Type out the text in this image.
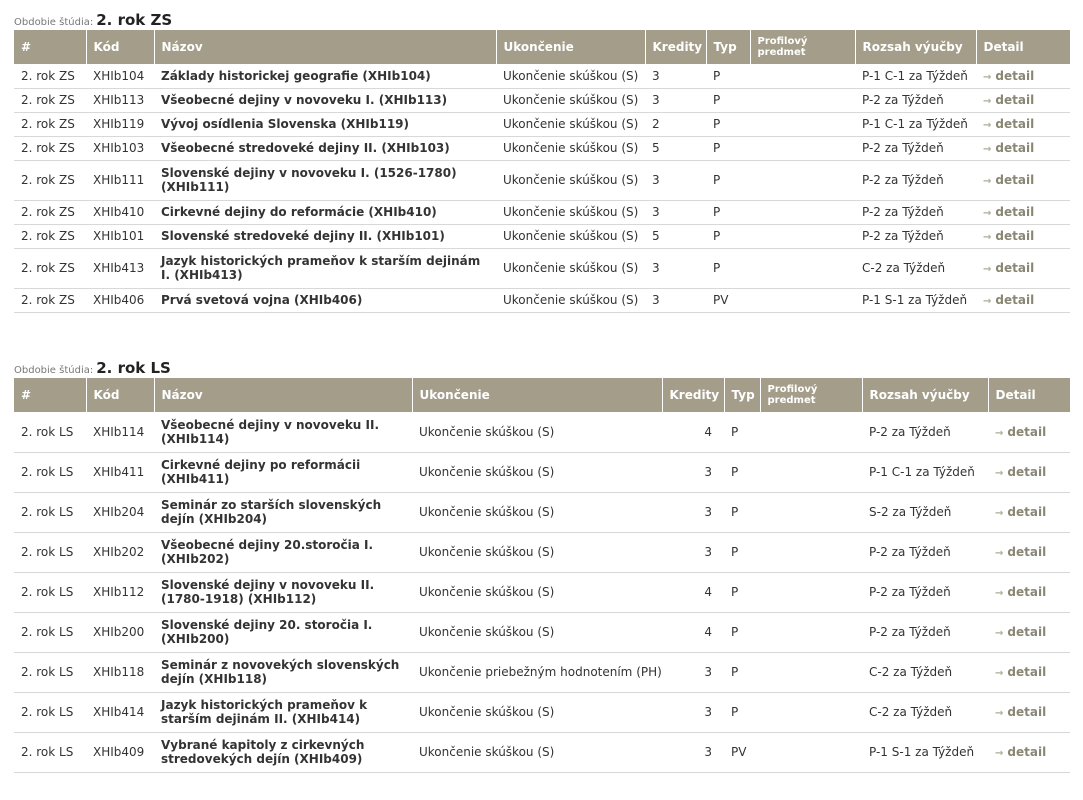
Obdobie štúdia: 2. rok ZS
#	Kód	Názov	Ukončenie	Kredity	Typ	Profilový predmet	Rozsah výučby	Detail
2. rok ZS	XHIb104	Základy historickej geografie (XHIb104)	Ukončenie skúškou (S)	3	P		P-1 C-1 za Týždeň	→ detail
2. rok ZS	XHIb113	Všeobecné dejiny v novoveku I. (XHIb113)	Ukončenie skúškou (S)	3	P		P-2 za Týždeň	→ detail
2. rok ZS	XHIb119	Vývoj osídlenia Slovenska (XHIb119)	Ukončenie skúškou (S)	2	P		P-1 C-1 za Týždeň	→ detail
2. rok ZS	XHIb103	Všeobecné stredoveké dejiny II. (XHIb103)	Ukončenie skúškou (S)	5	P		P-2 za Týždeň	→ detail
2. rok ZS	XHIb111	Slovenské dejiny v novoveku I. (1526-1780) (XHIb111)	Ukončenie skúškou (S)	3	P		P-2 za Týždeň	→ detail
2. rok ZS	XHIb410	Cirkevné dejiny do reformácie (XHIb410)	Ukončenie skúškou (S)	3	P		P-2 za Týždeň	→ detail
2. rok ZS	XHIb101	Slovenské stredoveké dejiny II. (XHIb101)	Ukončenie skúškou (S)	5	P		P-2 za Týždeň	→ detail
2. rok ZS	XHIb413	Jazyk historických prameňov k starším dejinám I. (XHIb413)	Ukončenie skúškou (S)	3	P		C-2 za Týždeň	→ detail
2. rok ZS	XHIb406	Prvá svetová vojna (XHIb406)	Ukončenie skúškou (S)	3	PV		P-1 S-1 za Týždeň	→ detail
Obdobie štúdia: 2. rok LS
#	Kód	Názov	Ukončenie	Kredity	Typ	Profilový predmet	Rozsah výučby	Detail
2. rok LS	XHIb114	Všeobecné dejiny v novoveku II. (XHIb114)	Ukončenie skúškou (S)	4	P		P-2 za Týždeň	→ detail
2. rok LS	XHIb411	Cirkevné dejiny po reformácii (XHIb411)	Ukončenie skúškou (S)	3	P		P-1 C-1 za Týždeň	→ detail
2. rok LS	XHIb204	Seminár zo starších slovenských dejín (XHIb204)	Ukončenie skúškou (S)	3	P		S-2 za Týždeň	→ detail
2. rok LS	XHIb202	Všeobecné dejiny 20.storočia I. (XHIb202)	Ukončenie skúškou (S)	3	P		P-2 za Týždeň	→ detail
2. rok LS	XHIb112	Slovenské dejiny v novoveku II. (1780-1918) (XHIb112)	Ukončenie skúškou (S)	4	P		P-2 za Týždeň	→ detail
2. rok LS	XHIb200	Slovenské dejiny 20. storočia I. (XHIb200)	Ukončenie skúškou (S)	4	P		P-2 za Týždeň	→ detail
2. rok LS	XHIb118	Seminár z novovekých slovenských dejín (XHIb118)	Ukončenie priebežným hodnotením (PH)	3	P		C-2 za Týždeň	→ detail
2. rok LS	XHIb414	Jazyk historických prameňov k starším dejinám II. (XHIb414)	Ukončenie skúškou (S)	3	P		C-2 za Týždeň	→ detail
2. rok LS	XHIb409	Vybrané kapitoly z cirkevných stredovekých dejín (XHIb409)	Ukončenie skúškou (S)	3	PV		P-1 S-1 za Týždeň	→ detail
